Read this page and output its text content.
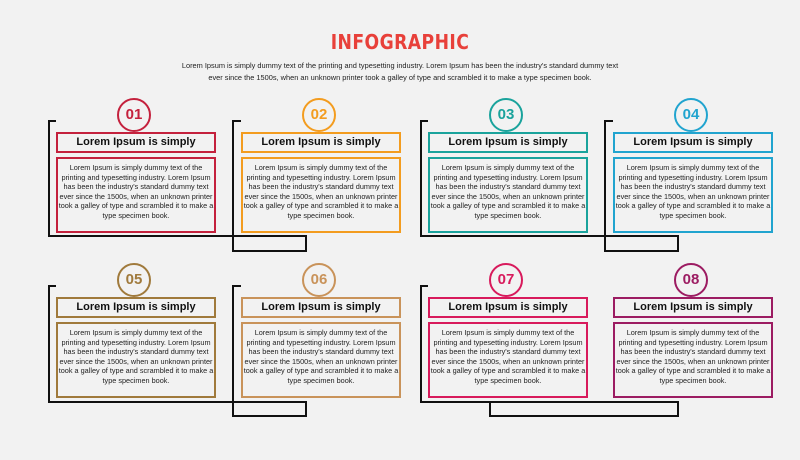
INFOGRAPHIC
Lorem Ipsum is simply dummy text of the printing and typesetting industry. Lorem Ipsum has been the industry's standard dummy text ever since the 1500s, when an unknown printer took a galley of type and scrambled it to make a type specimen book.
01
Lorem Ipsum is simply
Lorem Ipsum is simply dummy text of the printing and typesetting industry. Lorem Ipsum has been the industry's standard dummy text ever since the 1500s, when an unknown printer took a galley of type and scrambled it to make a type specimen book.
02
Lorem Ipsum is simply
Lorem Ipsum is simply dummy text of the printing and typesetting industry. Lorem Ipsum has been the industry's standard dummy text ever since the 1500s, when an unknown printer took a galley of type and scrambled it to make a type specimen book.
03
Lorem Ipsum is simply
Lorem Ipsum is simply dummy text of the printing and typesetting industry. Lorem Ipsum has been the industry's standard dummy text ever since the 1500s, when an unknown printer took a galley of type and scrambled it to make a type specimen book.
04
Lorem Ipsum is simply
Lorem Ipsum is simply dummy text of the printing and typesetting industry. Lorem Ipsum has been the industry's standard dummy text ever since the 1500s, when an unknown printer took a galley of type and scrambled it to make a type specimen book.
05
Lorem Ipsum is simply
Lorem Ipsum is simply dummy text of the printing and typesetting industry. Lorem Ipsum has been the industry's standard dummy text ever since the 1500s, when an unknown printer took a galley of type and scrambled it to make a type specimen book.
06
Lorem Ipsum is simply
Lorem Ipsum is simply dummy text of the printing and typesetting industry. Lorem Ipsum has been the industry's standard dummy text ever since the 1500s, when an unknown printer took a galley of type and scrambled it to make a type specimen book.
07
Lorem Ipsum is simply
Lorem Ipsum is simply dummy text of the printing and typesetting industry. Lorem Ipsum has been the industry's standard dummy text ever since the 1500s, when an unknown printer took a galley of type and scrambled it to make a type specimen book.
08
Lorem Ipsum is simply
Lorem Ipsum is simply dummy text of the printing and typesetting industry. Lorem Ipsum has been the industry's standard dummy text ever since the 1500s, when an unknown printer took a galley of type and scrambled it to make a type specimen book.
